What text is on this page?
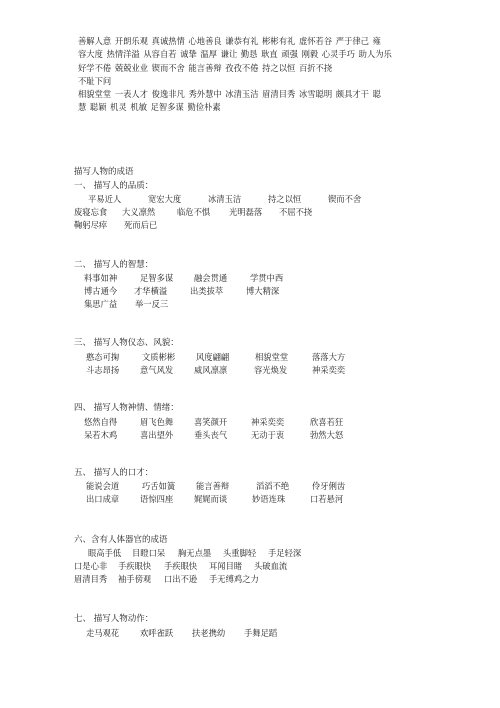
善解人意 开朗乐观 真诚热情 心地善良 谦恭有礼 彬彬有礼 虚怀若谷 严于律己 雍
容大度 热情洋溢 从容自若 诚挚 温厚 谦让 勤恳 耿直 顽强 刚毅 心灵手巧 助人为乐
好学不倦 兢兢业业 锲而不舍 能言善辩 孜孜不倦 持之以恒 百折不挠
不耻下问
相貌堂堂 一表人才 俊逸非凡 秀外慧中 冰清玉洁 眉清目秀 冰雪聪明 颇具才干 聪
慧 聪颖 机灵 机敏 足智多谋 勤俭朴素
描写人物的成语
一、 描写人的品质：
平易近人	宽宏大度	冰清玉洁	持之以恒	锲而不舍
废寝忘食 大义凛然	临危不惧 光明磊落 不屈不挠
鞠躬尽瘁 死而后已
二、 描写人的智慧：
料事如神	足智多谋	融会贯通	学贯中西
博古通今 才华横溢	出类拔萃	博大精深
集思广益 举一反三
三、 描写人物仪态、风貌：
憨态可掬	文质彬彬	风度翩翩	相貌堂堂	落落大方
斗志昂扬	意气风发	威风凛凛	容光焕发	神采奕奕
四、 描写人物神情、情绪：
悠然自得	眉飞色舞	喜笑颜开	神采奕奕	欣喜若狂
呆若木鸡	喜出望外	垂头丧气	无动于衷	勃然大怒
五、 描写人的口才：
能说会道	巧舌如簧	能言善辩	滔滔不绝	伶牙俐齿
出口成章	语惊四座	娓娓而谈	妙语连珠	口若悬河
六、含有人体器官的成语
眼高手低 目瞪口呆 胸无点墨 头重脚轻 手足轻深
口是心非 手疾眼快 手疾眼快 耳闻目睹 头破血流
眉清目秀 袖手傍观 口出不逊 手无缚鸡之力
七、 描写人物动作：
走马观花	欢呼雀跃 扶老携幼 手舞足蹈
